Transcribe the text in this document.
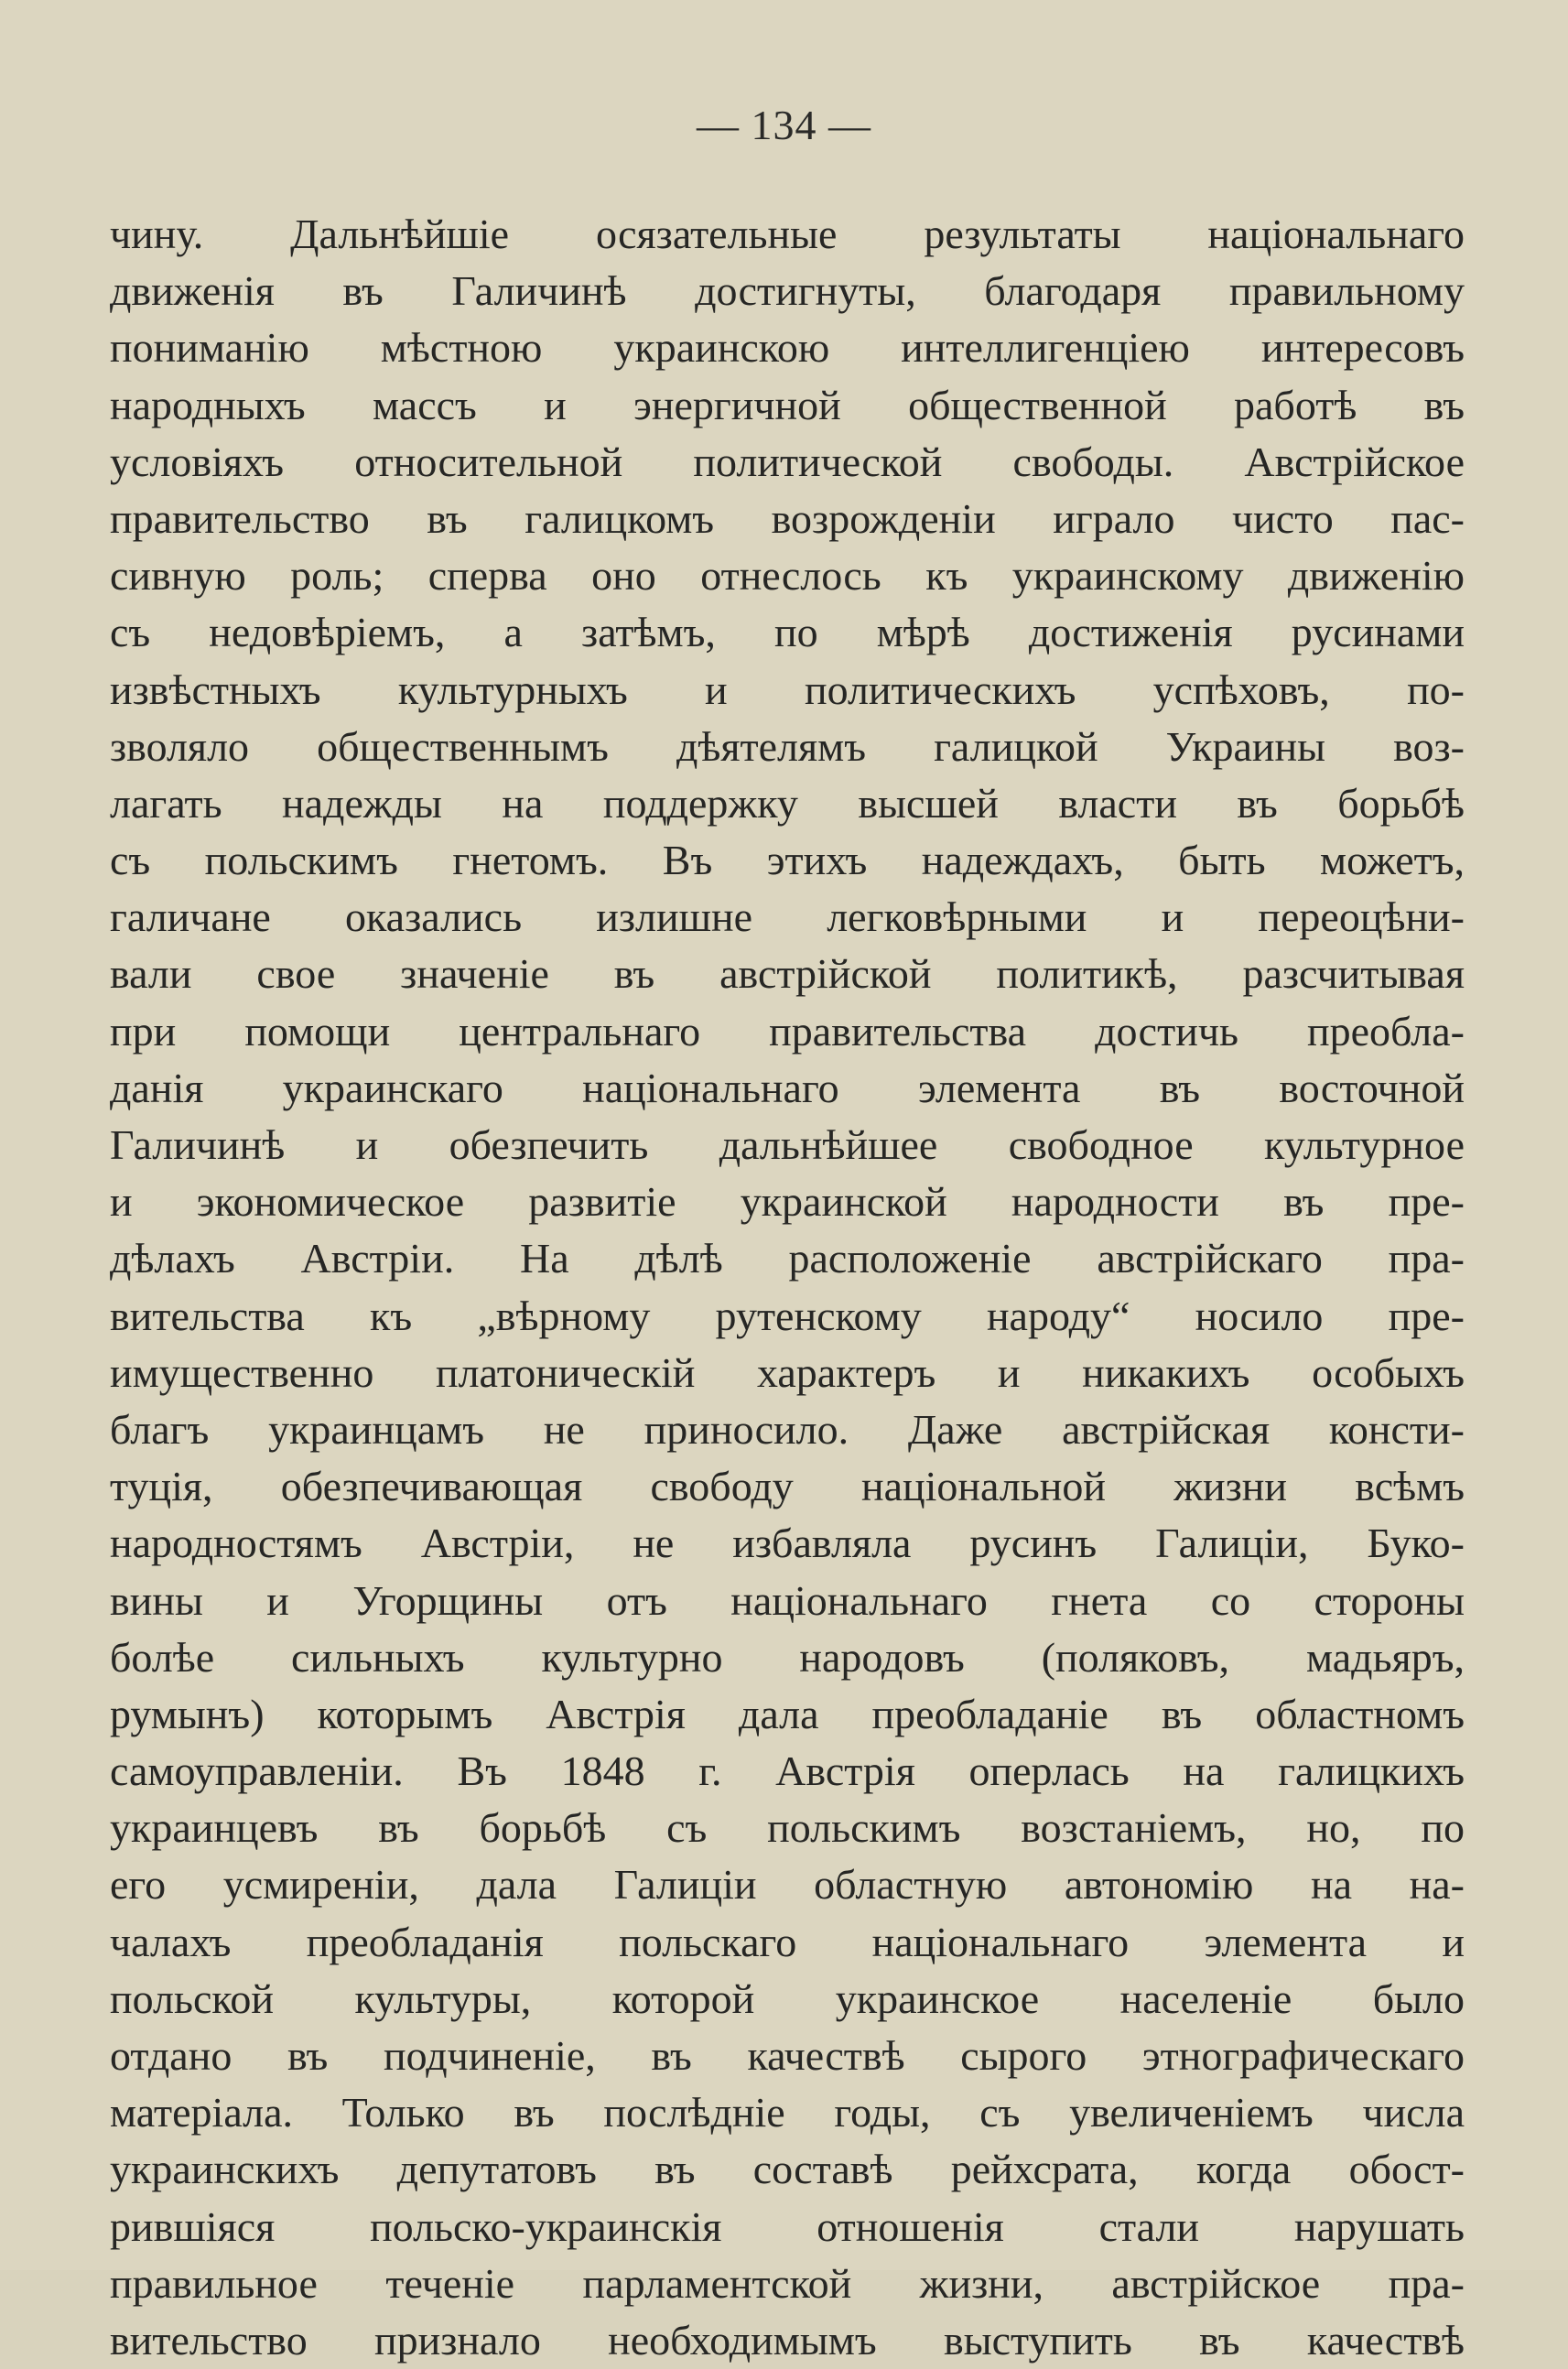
— 134 —
чину. Дальнѣйшіе осязательные результаты національнаго
движенія въ Галичинѣ достигнуты, благодаря правильному
пониманію мѣстною украинскою интеллигенціею интересовъ
народныхъ массъ и энергичной общественной работѣ въ
условіяхъ относительной политической свободы. Австрійское
правительство въ галицкомъ возрожденіи играло чисто пас-
сивную роль; сперва оно отнеслось къ украинскому движенію
съ недовѣріемъ, а затѣмъ, по мѣрѣ достиженія русинами
извѣстныхъ культурныхъ и политическихъ успѣховъ, по-
зволяло общественнымъ дѣятелямъ галицкой Украины воз-
лагать надежды на поддержку высшей власти въ борьбѣ
съ польскимъ гнетомъ. Въ этихъ надеждахъ, быть можетъ,
галичане оказались излишне легковѣрными и переоцѣни-
вали свое значеніе въ австрійской политикѣ, разсчитывая
при помощи центральнаго правительства достичь преобла-
данія украинскаго національнаго элемента въ восточной
Галичинѣ и обезпечить дальнѣйшее свободное культурное
и экономическое развитіе украинской народности въ пре-
дѣлахъ Австріи. На дѣлѣ расположеніе австрійскаго пра-
вительства къ „вѣрному рутенскому народу“ носило пре-
имущественно платоническій характеръ и никакихъ особыхъ
благъ украинцамъ не приносило. Даже австрійская консти-
туція, обезпечивающая свободу національной жизни всѣмъ
народностямъ Австріи, не избавляла русинъ Галиціи, Буко-
вины и Угорщины отъ національнаго гнета со стороны
болѣе сильныхъ культурно народовъ (поляковъ, мадьяръ,
румынъ) которымъ Австрія дала преобладаніе въ областномъ
самоуправленіи. Въ 1848 г. Австрія оперлась на галицкихъ
украинцевъ въ борьбѣ съ польскимъ возстаніемъ, но, по
его усмиреніи, дала Галиціи областную автономію на на-
чалахъ преобладанія польскаго національнаго элемента и
польской культуры, которой украинское населеніе было
отдано въ подчиненіе, въ качествѣ сырого этнографическаго
матеріала. Только въ послѣдніе годы, съ увеличеніемъ числа
украинскихъ депутатовъ въ составѣ рейхсрата, когда обост-
рившіяся польско-украинскія отношенія стали нарушать
правильное теченіе парламентской жизни, австрійское пра-
вительство признало необходимымъ выступить въ качествѣ
